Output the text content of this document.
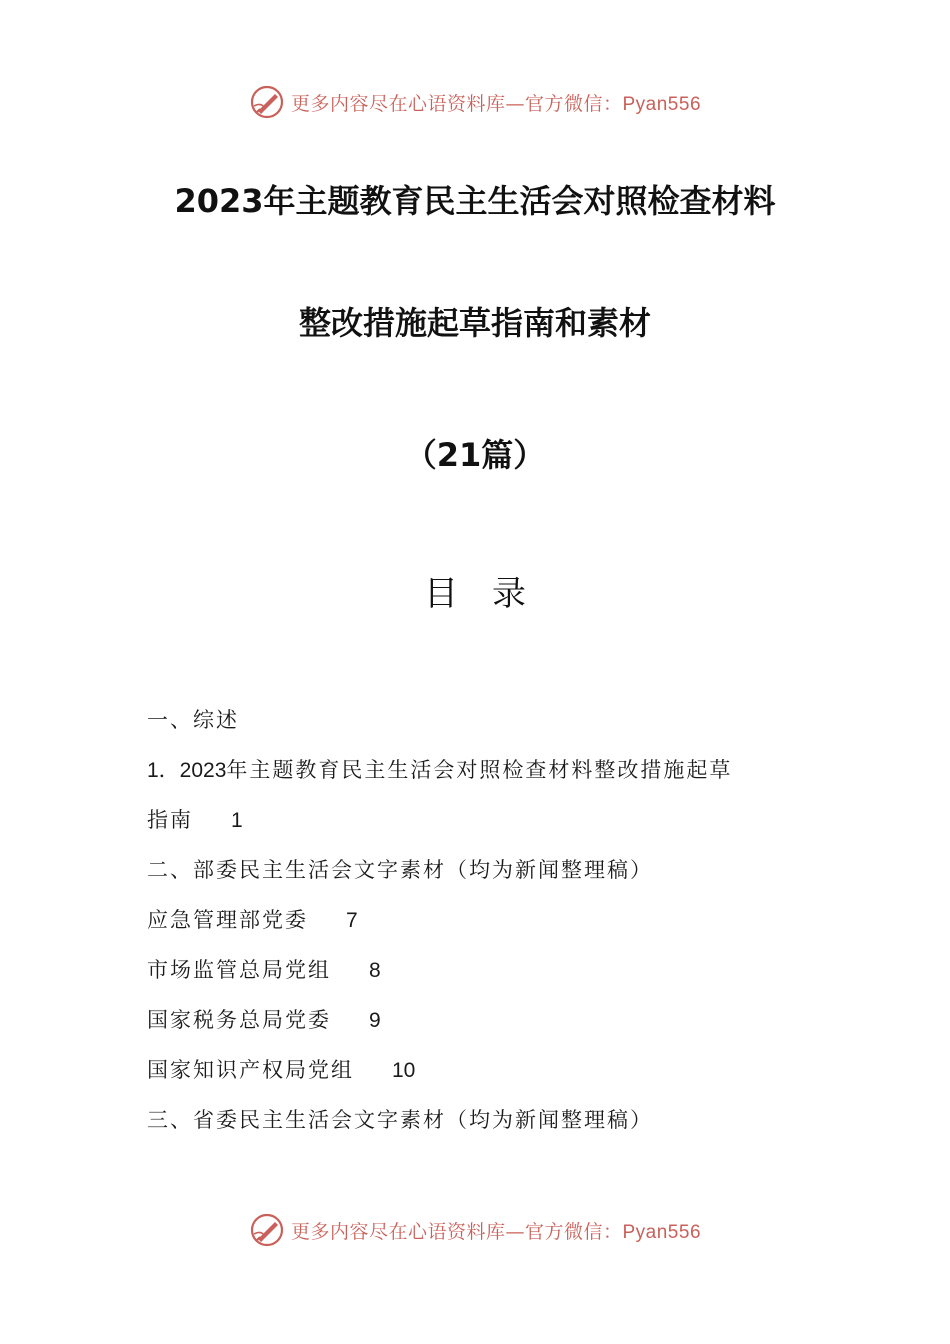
更多内容尽在心语资料库—官方微信：Pyan556
2023年主题教育民主生活会对照检查材料
整改措施起草指南和素材
（21篇）
目录
一、综述
1．2023年主题教育民主生活会对照检查材料整改措施起草
指南 1
二、部委民主生活会文字素材（均为新闻整理稿）
应急管理部党委 7
市场监管总局党组 8
国家税务总局党委 9
国家知识产权局党组 10
三、省委民主生活会文字素材（均为新闻整理稿）
更多内容尽在心语资料库—官方微信：Pyan556
